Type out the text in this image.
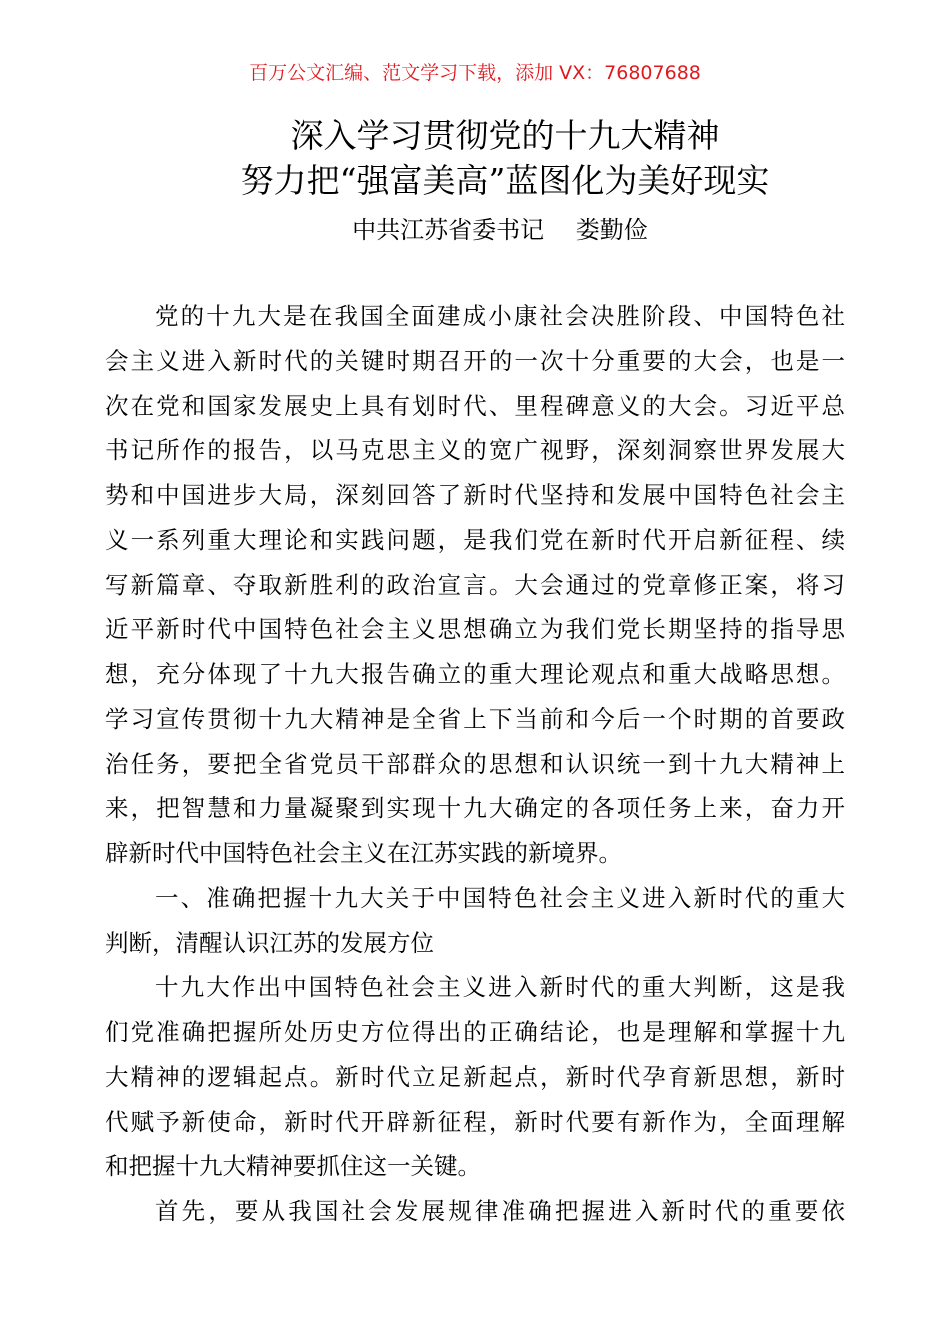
百万公文汇编、范文学习下载，添加 VX：76807688
深入学习贯彻党的十九大精神
努力把“强富美高”蓝图化为美好现实
中共江苏省委书记　 娄勤俭
党的十九大是在我国全面建成小康社会决胜阶段、中国特色社
会主义进入新时代的关键时期召开的一次十分重要的大会，也是一
次在党和国家发展史上具有划时代、里程碑意义的大会。习近平总
书记所作的报告，以马克思主义的宽广视野，深刻洞察世界发展大
势和中国进步大局，深刻回答了新时代坚持和发展中国特色社会主
义一系列重大理论和实践问题，是我们党在新时代开启新征程、续
写新篇章、夺取新胜利的政治宣言。大会通过的党章修正案，将习
近平新时代中国特色社会主义思想确立为我们党长期坚持的指导思
想，充分体现了十九大报告确立的重大理论观点和重大战略思想。
学习宣传贯彻十九大精神是全省上下当前和今后一个时期的首要政
治任务，要把全省党员干部群众的思想和认识统一到十九大精神上
来，把智慧和力量凝聚到实现十九大确定的各项任务上来，奋力开
辟新时代中国特色社会主义在江苏实践的新境界。
一、准确把握十九大关于中国特色社会主义进入新时代的重大
判断，清醒认识江苏的发展方位
十九大作出中国特色社会主义进入新时代的重大判断，这是我
们党准确把握所处历史方位得出的正确结论，也是理解和掌握十九
大精神的逻辑起点。新时代立足新起点，新时代孕育新思想，新时
代赋予新使命，新时代开辟新征程，新时代要有新作为，全面理解
和把握十九大精神要抓住这一关键。
首先，要从我国社会发展规律准确把握进入新时代的重要依
